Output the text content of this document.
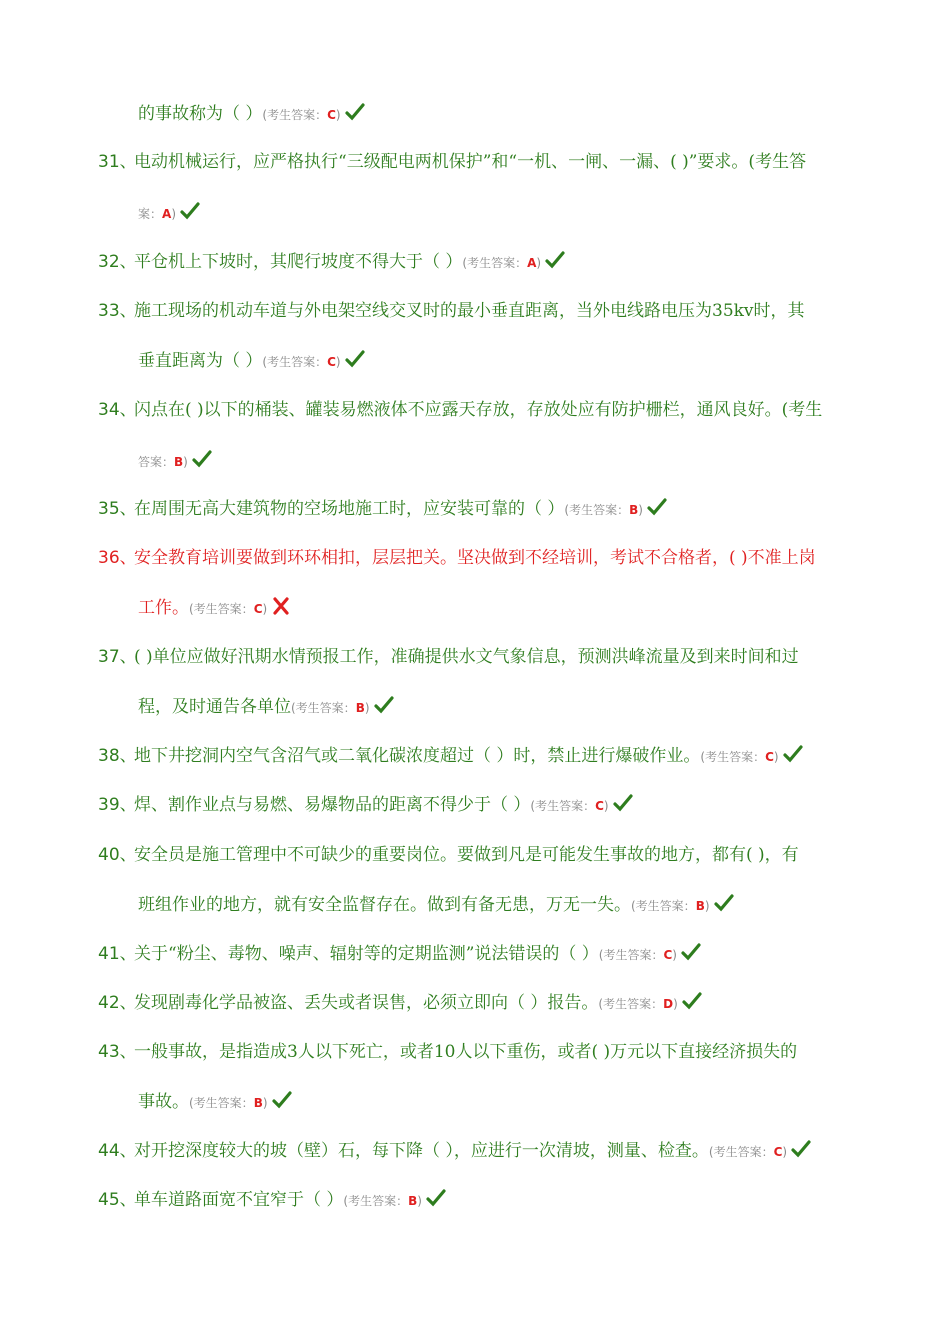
的事故称为（ ）(考生答案：C)
31、电动机械运行，应严格执行“三级配电两机保护”和“一机、一闸、一漏、( )”要求。(考生答
案：A)
32、平仓机上下坡时，其爬行坡度不得大于（ ）(考生答案：A)
33、施工现场的机动车道与外电架空线交叉时的最小垂直距离，当外电线路电压为35kv时，其
垂直距离为（ ）(考生答案：C)
34、闪点在( )以下的桶装、罐装易燃液体不应露天存放，存放处应有防护栅栏，通风良好。(考生
答案：B)
35、在周围无高大建筑物的空场地施工时，应安装可靠的（ ）(考生答案：B)
36、安全教育培训要做到环环相扣，层层把关。坚决做到不经培训，考试不合格者，( )不准上岗
工作。(考生答案：C)
37、( )单位应做好汛期水情预报工作，准确提供水文气象信息，预测洪峰流量及到来时间和过
程，及时通告各单位(考生答案：B)
38、地下井挖洞内空气含沼气或二氧化碳浓度超过（ ）时，禁止进行爆破作业。(考生答案：C)
39、焊、割作业点与易燃、易爆物品的距离不得少于（ ）(考生答案：C)
40、安全员是施工管理中不可缺少的重要岗位。要做到凡是可能发生事故的地方，都有( )，有
班组作业的地方，就有安全监督存在。做到有备无患，万无一失。(考生答案：B)
41、关于“粉尘、毒物、噪声、辐射等的定期监测”说法错误的（ ）(考生答案：C)
42、发现剧毒化学品被盗、丢失或者误售，必须立即向（ ）报告。(考生答案：D)
43、一般事故，是指造成3人以下死亡，或者10人以下重伤，或者( )万元以下直接经济损失的
事故。(考生答案：B)
44、对开挖深度较大的坡（壁）石，每下降（ ），应进行一次清坡，测量、检查。(考生答案：C)
45、单车道路面宽不宜窄于（ ）(考生答案：B)
